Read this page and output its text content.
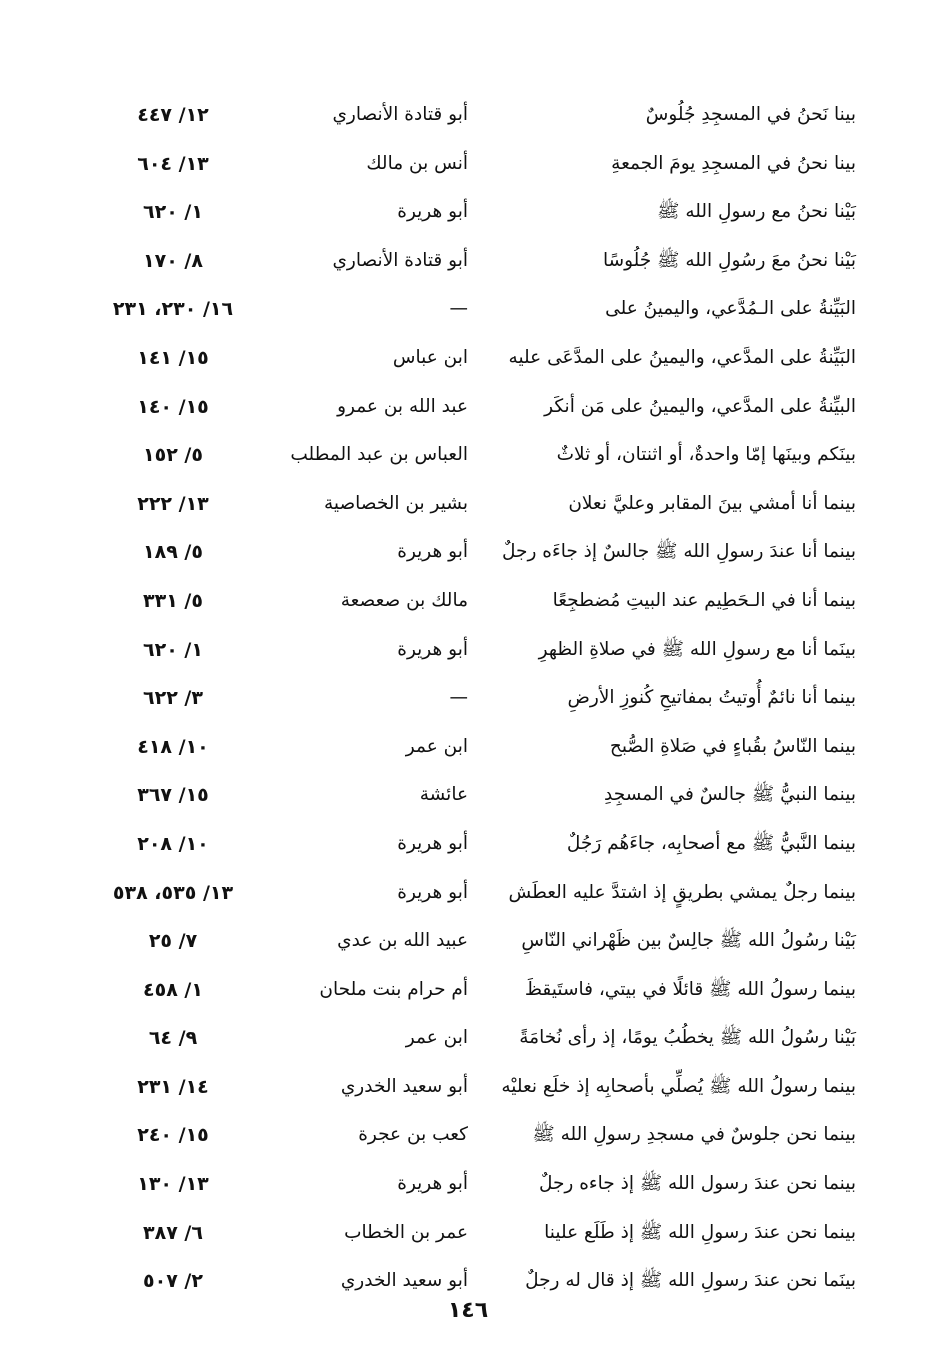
بينا نَحنُ في المسجِدِ جُلُوسٌ
أبو قتادة الأنصاري
١٢/ ٤٤٧
بينا نحنُ في المسجِدِ يومَ الجمعةِ
أنس بن مالك
١٣/ ٦٠٤
بَيْنا نحنُ مع رسولِ الله ﷺ
أبو هريرة
١/ ٦٢٠
بَيْنا نحنُ معَ رسُولِ الله ﷺ جُلُوسًا
أبو قتادة الأنصاري
٨/ ١٧٠
البَيِّنةُ على الـمُدَّعي، واليمينُ على
—
١٦/ ٢٣٠، ٢٣١
البَيِّنةُ على المدَّعي، واليمينُ على المدَّعَى عليه
ابن عباس
١٥/ ١٤١
البيِّنةُ على المدَّعي، واليمينُ على مَن أنكَر
عبد الله بن عمرو
١٥/ ١٤٠
بينَكم وبينَها إمّا واحدةٌ، أو اثنتان، أو ثلاثٌ
العباس بن عبد المطلب
٥/ ١٥٢
بينما أنا أمشي بينَ المقابر وعليَّ نعلان
بشير بن الخصاصية
١٣/ ٢٢٢
بينما أنا عندَ رسولِ الله ﷺ جالسٌ إذ جاءَه رجلٌ
أبو هريرة
٥/ ١٨٩
بينما أنا في الـحَطِيم عند البيتِ مُضطجِعًا
مالك بن صعصعة
٥/ ٣٣١
بينَما أنا مع رسولِ الله ﷺ في صلاةِ الظهرِ
أبو هريرة
١/ ٦٢٠
بينما أنا نائمٌ أُوتيتُ بمفاتيحِ كُنوزِ الأرضِ
—
٣/ ٦٢٢
بينما النّاسُ بقُباءٍ في صَلاةِ الصُّبح
ابن عمر
١٠/ ٤١٨
بينما النبيُّ ﷺ جالسٌ في المسجِدِ
عائشة
١٥/ ٣٦٧
بينما النَّبيُّ ﷺ مع أصحابِه، جاءَهُم رَجُلٌ
أبو هريرة
١٠/ ٢٠٨
بينما رجلٌ يمشي بطريقٍ إذ اشتدَّ عليه العطَش
أبو هريرة
١٣/ ٥٣٥، ٥٣٨
بَيْنا رسُولُ الله ﷺ جالِسٌ بين ظَهْراني النّاسِ
عبيد الله بن عدي
٧/ ٢٥
بينما رسولُ الله ﷺ قائلًا في بيتي، فاستَيقظَ
أم حرام بنت ملحان
١/ ٤٥٨
بَيْنا رسُولُ الله ﷺ يخطُبُ يومًا، إذ رأى نُخامَةً
ابن عمر
٩/ ٦٤
بينما رسولُ الله ﷺ يُصلِّي بأصحابِه إذ خلَع نعليْه
أبو سعيد الخدري
١٤/ ٢٣١
بينما نحن جلوسٌ في مسجدِ رسولِ الله ﷺ
كعب بن عجرة
١٥/ ٢٤٠
بينما نحن عندَ رسول الله ﷺ إذ جاءه رجلٌ
أبو هريرة
١٣/ ١٣٠
بينما نحن عندَ رسولِ الله ﷺ إذ طَلَع علينا
عمر بن الخطاب
٦/ ٣٨٧
بينَما نحن عندَ رسولِ الله ﷺ إذ قال له رجلٌ
أبو سعيد الخدري
٢/ ٥٠٧
١٤٦
